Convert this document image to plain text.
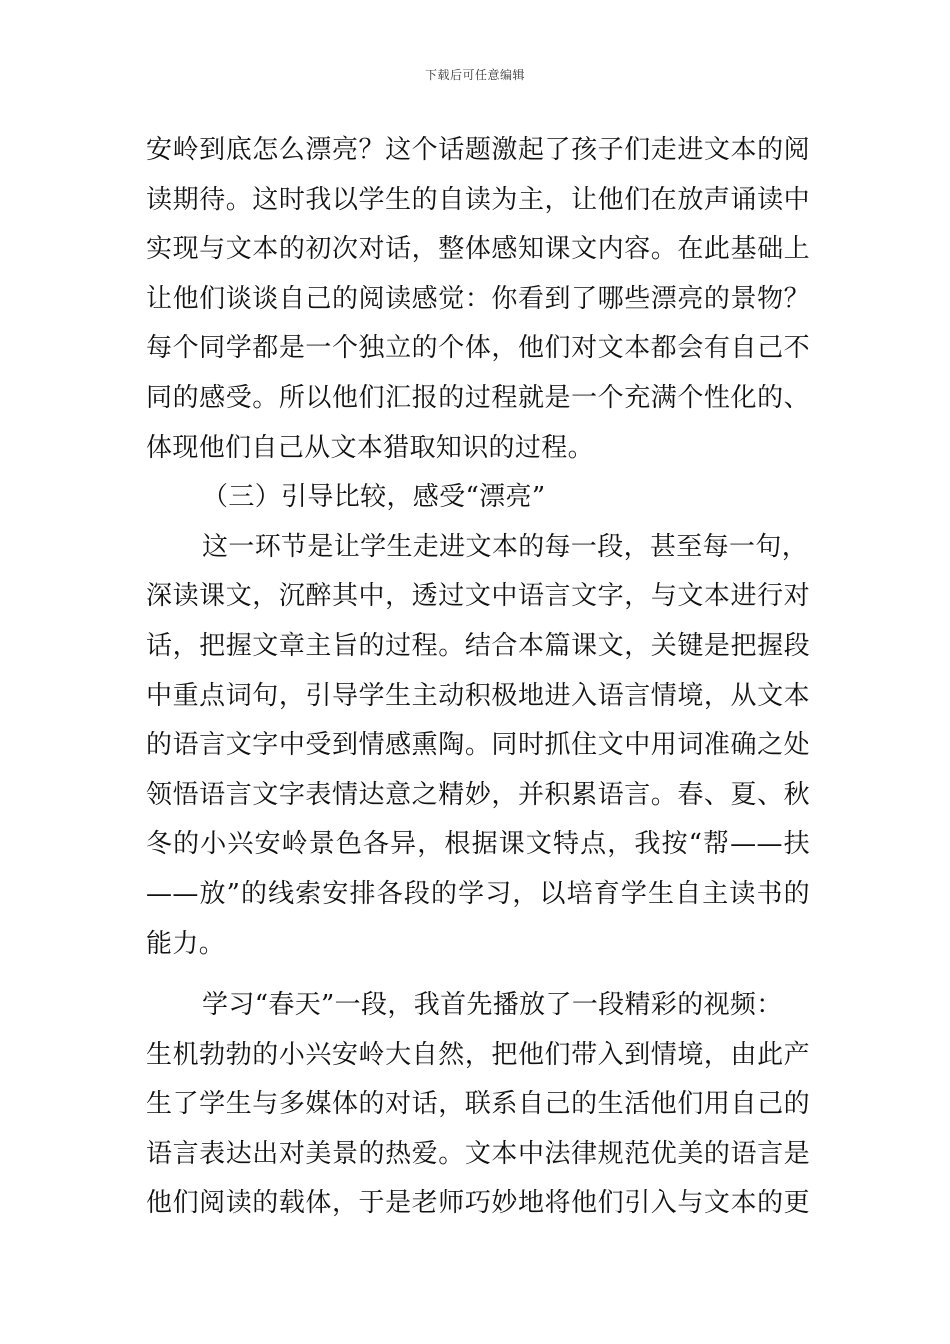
下载后可任意编辑
安岭到底怎么漂亮？这个话题激起了孩子们走进文本的阅
读期待。这时我以学生的自读为主，让他们在放声诵读中
实现与文本的初次对话，整体感知课文内容。在此基础上
让他们谈谈自己的阅读感觉：你看到了哪些漂亮的景物？
每个同学都是一个独立的个体，他们对文本都会有自己不
同的感受。所以他们汇报的过程就是一个充满个性化的、
体现他们自己从文本猎取知识的过程。
（三）引导比较，感受“漂亮”
这一环节是让学生走进文本的每一段，甚至每一句，
深读课文，沉醉其中，透过文中语言文字，与文本进行对
话，把握文章主旨的过程。结合本篇课文，关键是把握段
中重点词句，引导学生主动积极地进入语言情境，从文本
的语言文字中受到情感熏陶。同时抓住文中用词准确之处
领悟语言文字表情达意之精妙，并积累语言。春、夏、秋
冬的小兴安岭景色各异，根据课文特点，我按“帮——扶
——放”的线索安排各段的学习，以培育学生自主读书的
能力。
学习“春天”一段，我首先播放了一段精彩的视频：
生机勃勃的小兴安岭大自然，把他们带入到情境，由此产
生了学生与多媒体的对话，联系自己的生活他们用自己的
语言表达出对美景的热爱。文本中法律规范优美的语言是
他们阅读的载体，于是老师巧妙地将他们引入与文本的更
